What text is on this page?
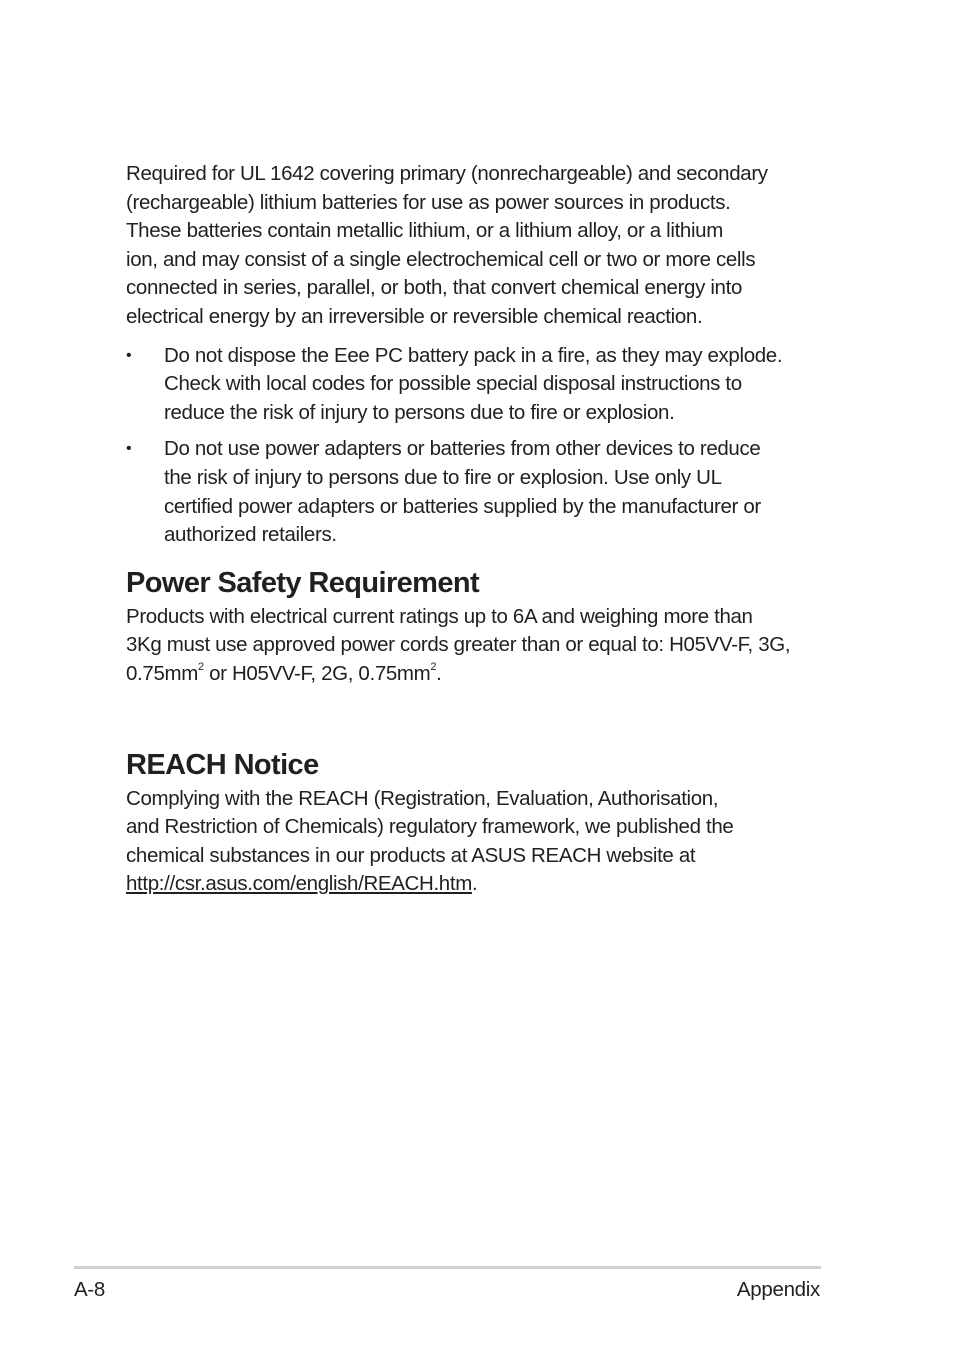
Required for UL 1642 covering primary (nonrechargeable) and secondary
(rechargeable) lithium batteries for use as power sources in products.
These batteries contain metallic lithium, or a lithium alloy, or a lithium
ion, and may consist of a single electrochemical cell or two or more cells
connected in series, parallel, or both, that convert chemical energy into
electrical energy by an irreversible or reversible chemical reaction.

• Do not dispose the Eee PC battery pack in a fire, as they may explode.
Check with local codes for possible special disposal instructions to
reduce the risk of injury to persons due to fire or explosion.
• Do not use power adapters or batteries from other devices to reduce
the risk of injury to persons due to fire or explosion. Use only UL
certified power adapters or batteries supplied by the manufacturer or
authorized retailers.
Power Safety Requirement

Products with electrical current ratings up to 6A and weighing more than
3Kg must use approved power cords greater than or equal to: H05VV-F, 3G,
$0.75mm^2$ or H05VV-F, 2G, $0.75mm^2$.

REACH Notice

Complying with the REACH (Registration, Evaluation, Authorisation,
and Restriction of Chemicals) regulatory framework, we published the
chemical substances in our products at ASUS REACH website at
http://csr.asus.com/english/REACH.htm.

A-8	Appendix
